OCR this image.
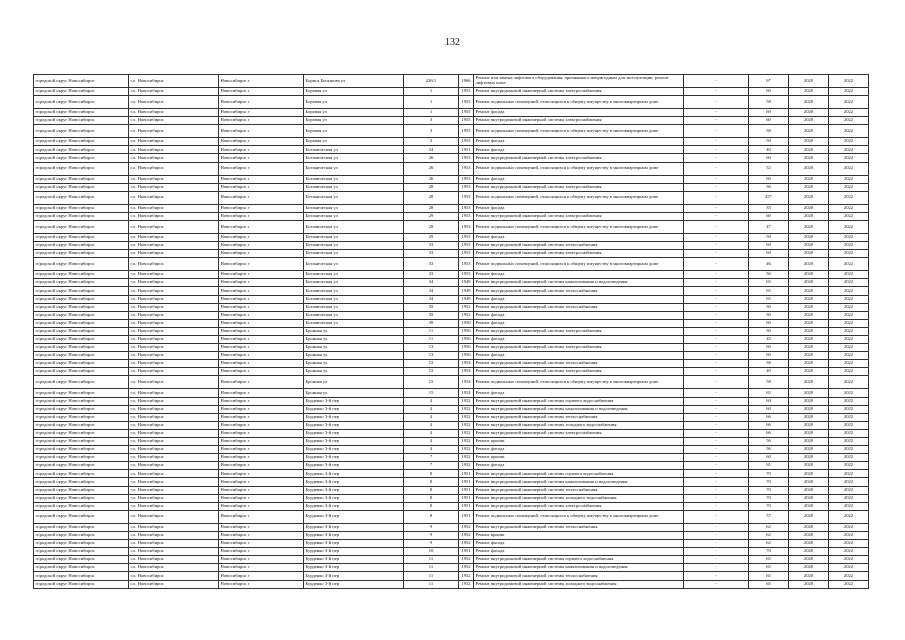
132
городской округ Новосибирск	г.о. Новосибирск	Новосибирск г	Бориса Богаткова ул	226/1	1966	Ремонт или замена лифтового оборудования, признанного непригодным для эксплуатации, ремонт лифтовых шахт	-	6*	2020	2022
городской округ Новосибирск	г.о. Новосибирск	Новосибирск г	Боровая ул	1	1955	Ремонт внутридомовой инженерной системы электроснабжения	-	60	2020	2022
городской округ Новосибирск	г.о. Новосибирск	Новосибирск г	Боровая ул	1	1955	Ремонт подвальных помещений, относящихся к общему имуществу в многоквартирном доме	-	58	2020	2022
городской округ Новосибирск	г.о. Новосибирск	Новосибирск г	Боровая ул	1	1955	Ремонт фасада	-	60	2020	2022
городской округ Новосибирск	г.о. Новосибирск	Новосибирск г	Боровая ул	3	1955	Ремонт внутридомовой инженерной системы электроснабжения	-	60	2020	2022
городской округ Новосибирск	г.о. Новосибирск	Новосибирск г	Боровая ул	3	1955	Ремонт подвальных помещений, относящихся к общему имуществу в многоквартирном доме	-	58	2020	2022
городской округ Новосибирск	г.о. Новосибирск	Новосибирск г	Боровая ул	3	1955	Ремонт фасада	-	50	2020	2022
городской округ Новосибирск	г.о. Новосибирск	Новосибирск г	Ботаническая ул	24	1951	Ремонт фасада	-	40	2020	2022
городской округ Новосибирск	г.о. Новосибирск	Новосибирск г	Ботаническая ул	26	1953	Ремонт внутридомовой инженерной системы электроснабжения	-	60	2020	2022
городской округ Новосибирск	г.о. Новосибирск	Новосибирск г	Ботаническая ул	26	1953	Ремонт подвальных помещений, относящихся к общему имуществу в многоквартирном доме	-	52	2020	2022
городской округ Новосибирск	г.о. Новосибирск	Новосибирск г	Ботаническая ул	26	1953	Ремонт фасада	-	60	2020	2022
городской округ Новосибирск	г.о. Новосибирск	Новосибирск г	Ботаническая ул	28	1953	Ремонт внутридомовой инженерной системы электроснабжения	-	56	2020	2022
городской округ Новосибирск	г.о. Новосибирск	Новосибирск г	Ботаническая ул	28	1953	Ремонт подвальных помещений, относящихся к общему имуществу в многоквартирном доме	-	45*	2020	2022
городской округ Новосибирск	г.о. Новосибирск	Новосибирск г	Ботаническая ул	28	1953	Ремонт фасада	-	35	2020	2022
городской округ Новосибирск	г.о. Новосибирск	Новосибирск г	Ботаническая ул	29	1953	Ремонт внутридомовой инженерной системы электроснабжения	-	60	2020	2022
городской округ Новосибирск	г.о. Новосибирск	Новосибирск г	Ботаническая ул	29	1953	Ремонт подвальных помещений, относящихся к общему имуществу в многоквартирном доме	-	47	2020	2022
городской округ Новосибирск	г.о. Новосибирск	Новосибирск г	Ботаническая ул	29	1953	Ремонт фасада	-	50	2020	2022
городской округ Новосибирск	г.о. Новосибирск	Новосибирск г	Ботаническая ул	33	1953	Ремонт внутридомовой инженерной системы теплоснабжения	-	60	2020	2022
городской округ Новосибирск	г.о. Новосибирск	Новосибирск г	Ботаническая ул	33	1953	Ремонт внутридомовой инженерной системы электроснабжения	-	60	2020	2022
городской округ Новосибирск	г.о. Новосибирск	Новосибирск г	Ботаническая ул	33	1953	Ремонт подвальных помещений, относящихся к общему имуществу в многоквартирном доме	-	46	2020	2022
городской округ Новосибирск	г.о. Новосибирск	Новосибирск г	Ботаническая ул	33	1953	Ремонт фасада	-	56	2020	2022
городской округ Новосибирск	г.о. Новосибирск	Новосибирск г	Ботаническая ул	34	1949	Ремонт внутридомовой инженерной системы канализования и водоотведения	-	65	2020	2022
городской округ Новосибирск	г.о. Новосибирск	Новосибирск г	Ботаническая ул	34	1949	Ремонт внутридомовой инженерной системы теплоснабжения	-	65	2020	2022
городской округ Новосибирск	г.о. Новосибирск	Новосибирск г	Ботаническая ул	34	1949	Ремонт фасада	-	65	2020	2022
городской округ Новосибирск	г.о. Новосибирск	Новосибирск г	Ботаническая ул	35	1952	Ремонт внутридомовой инженерной системы теплоснабжения	-	50	2020	2022
городской округ Новосибирск	г.о. Новосибирск	Новосибирск г	Ботаническая ул	35	1952	Ремонт фасада	-	50	2020	2022
городской округ Новосибирск	г.о. Новосибирск	Новосибирск г	Ботаническая ул	39	1950	Ремонт фасада	-	60	2020	2022
городской округ Новосибирск	г.о. Новосибирск	Новосибирск г	Бронная ул	11	1956	Ремонт внутридомовой инженерной системы электроснабжения	-	50	2020	2022
городской округ Новосибирск	г.о. Новосибирск	Новосибирск г	Бронная ул	11	1956	Ремонт фасада	-	45	2020	2022
городской округ Новосибирск	г.о. Новосибирск	Новосибирск г	Бронная ул	13	1956	Ремонт внутридомовой инженерной системы электроснабжения	-	60	2020	2022
городской округ Новосибирск	г.о. Новосибирск	Новосибирск г	Бронная ул	13	1956	Ремонт фасада	-	60	2020	2022
городской округ Новосибирск	г.о. Новосибирск	Новосибирск г	Бронная ул	15	1954	Ремонт внутридомовой инженерной системы теплоснабжения	-	58	2020	2022
городской округ Новосибирск	г.о. Новосибирск	Новосибирск г	Бронная ул	15	1954	Ремонт внутридомовой инженерной системы электроснабжения	-	40	2020	2022
городской округ Новосибирск	г.о. Новосибирск	Новосибирск г	Бронная ул	15	1954	Ремонт подвальных помещений, относящихся к общему имуществу в многоквартирном доме	-	58	2020	2022
городской округ Новосибирск	г.о. Новосибирск	Новосибирск г	Бронная ул	15	1954	Ремонт фасада	-	65	2020	2022
городской округ Новосибирск	г.о. Новосибирск	Новосибирск г	Бурденко 3-й пер	4	1952	Ремонт внутридомовой инженерной системы горячего водоснабжения	-	60	2020	2022
городской округ Новосибирск	г.о. Новосибирск	Новосибирск г	Бурденко 3-й пер	4	1952	Ремонт внутридомовой инженерной системы канализования и водоотведения	-	60	2020	2022
городской округ Новосибирск	г.о. Новосибирск	Новосибирск г	Бурденко 3-й пер	4	1952	Ремонт внутридомовой инженерной системы теплоснабжения	-	66	2020	2022
городской округ Новосибирск	г.о. Новосибирск	Новосибирск г	Бурденко 3-й пер	4	1952	Ремонт внутридомовой инженерной системы холодного водоснабжения	-	66	2020	2022
городской округ Новосибирск	г.о. Новосибирск	Новосибирск г	Бурденко 3-й пер	4	1952	Ремонт внутридомовой инженерной системы электроснабжения	-	66	2020	2022
городской округ Новосибирск	г.о. Новосибирск	Новосибирск г	Бурденко 3-й пер	4	1952	Ремонт крыши	-	56	2020	2022
городской округ Новосибирск	г.о. Новосибирск	Новосибирск г	Бурденко 3-й пер	4	1952	Ремонт фасада	-	56	2020	2022
городской округ Новосибирск	г.о. Новосибирск	Новосибирск г	Бурденко 3-й пер	7	1952	Ремонт крыши	-	60	2020	2022
городской округ Новосибирск	г.о. Новосибирск	Новосибирск г	Бурденко 3-й пер	7	1952	Ремонт фасада	-	65	2020	2022
городской округ Новосибирск	г.о. Новосибирск	Новосибирск г	Бурденко 3-й пер	8	1951	Ремонт внутридомовой инженерной системы горячего водоснабжения	-	70	2020	2022
городской округ Новосибирск	г.о. Новосибирск	Новосибирск г	Бурденко 3-й пер	8	1951	Ремонт внутридомовой инженерной системы канализования и водоотведения	-	70	2020	2022
городской округ Новосибирск	г.о. Новосибирск	Новосибирск г	Бурденко 3-й пер	8	1951	Ремонт внутридомовой инженерной системы теплоснабжения	-	70	2020	2022
городской округ Новосибирск	г.о. Новосибирск	Новосибирск г	Бурденко 3-й пер	8	1951	Ремонт внутридомовой инженерной системы холодного водоснабжения	-	70	2020	2022
городской округ Новосибирск	г.о. Новосибирск	Новосибирск г	Бурденко 3-й пер	8	1951	Ремонт внутридомовой инженерной системы электроснабжения	-	70	2020	2022
городской округ Новосибирск	г.о. Новосибирск	Новосибирск г	Бурденко 3-й пер	8	1951	Ремонт подвальных помещений, относящихся к общему имуществу в многоквартирном доме	-	57	2020	2022
городской округ Новосибирск	г.о. Новосибирск	Новосибирск г	Бурденко 3-й пер	9	1952	Ремонт внутридомовой инженерной системы теплоснабжения	-	62	2020	2022
городской округ Новосибирск	г.о. Новосибирск	Новосибирск г	Бурденко 3-й пер	9	1952	Ремонт крыши	-	62	2020	2022
городской округ Новосибирск	г.о. Новосибирск	Новосибирск г	Бурденко 3-й пер	9	1952	Ремонт фасада	-	62	2020	2022
городской округ Новосибирск	г.о. Новосибирск	Новосибирск г	Бурденко 3-й пер	10	1951	Ремонт фасада	-	70	2020	2022
городской округ Новосибирск	г.о. Новосибирск	Новосибирск г	Бурденко 3-й пер	11	1952	Ремонт внутридомовой инженерной системы горячего водоснабжения	-	65	2020	2022
городской округ Новосибирск	г.о. Новосибирск	Новосибирск г	Бурденко 3-й пер	11	1952	Ремонт внутридомовой инженерной системы канализования и водоотведения	-	65	2020	2022
городской округ Новосибирск	г.о. Новосибирск	Новосибирск г	Бурденко 3-й пер	11	1952	Ремонт внутридомовой инженерной системы теплоснабжения	-	65	2020	2022
городской округ Новосибирск	г.о. Новосибирск	Новосибирск г	Бурденко 3-й пер	11	1952	Ремонт внутридомовой инженерной системы холодного водоснабжения	-	65	2020	2022
